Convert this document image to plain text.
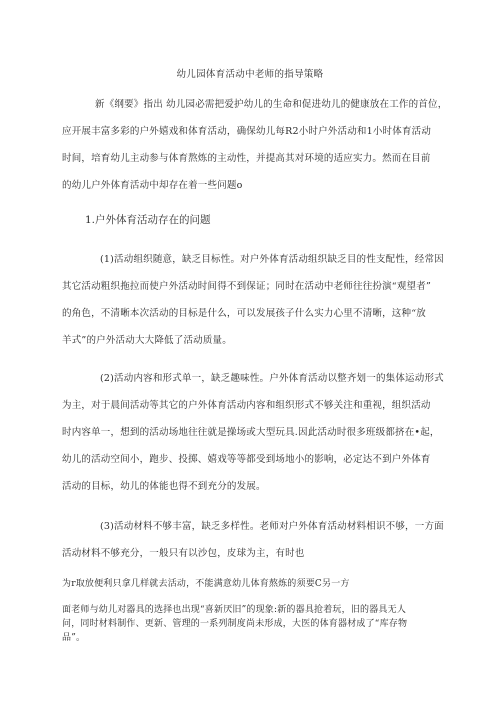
幼儿园体育活动中老师的指导策略
新《纲要》指出 幼儿园必需把爱护幼儿的生命和促进幼儿的健康放在工作的首位，
应开展丰富多彩的户外嬉戏和体育活动，确保幼儿每R2小时户外活动和1小时体育活动
时间，培育幼儿主动参与体育熬炼的主动性，并提高其对环境的适应实力。然而在目前
的幼儿户外体育活动中却存在着一些问题o
1.户外体育活动存在的问题
(1)活动组织随意，缺乏目标性。对户外体育活动组织缺乏目的性支配性，经常因
其它活动粗织拖拉而使户外活动时间得不到保证；同时在活动中老师往往扮演“观望者”
的角色，不清晰本次活动的目标是什么，可以发展孩子什么实力心里不清晰，这种“放
羊式”的户外活动大大降低了活动质量。
(2)活动内容和形式单一，缺乏趣味性。户外体育活动以整齐划一的集体运动形式
为主，对于晨间活动等其它的户外体育活动内容和组织形式不够关注和重视，组织活动
时内容单一，想到的活动场地往往就是操场或大型玩具.因此活动时很多班级都挤在•起，
幼儿的活动空间小，跑步、投掷、嬉戏等等都受到场地小的影响，必定达不到户外体育
活动的目标，幼儿的体能也得不到充分的发展。
(3)活动材料不够丰富，缺乏多样性。老师对户外体育活动材料相识不够，一方面
活动材料不够充分，一般只有以沙包，皮球为主，有时也
为r取放便利只拿几样就去活动，不能满意幼儿体育熬炼的须要C另一方
面老师与幼儿对器具的选择也出现“喜新厌旧”的现象:新的器具抢着玩，旧的器具无人
问，同时材料制作、更新、管理的一系列制度尚未形成，大医的体育器材成了“库存物
品”。
